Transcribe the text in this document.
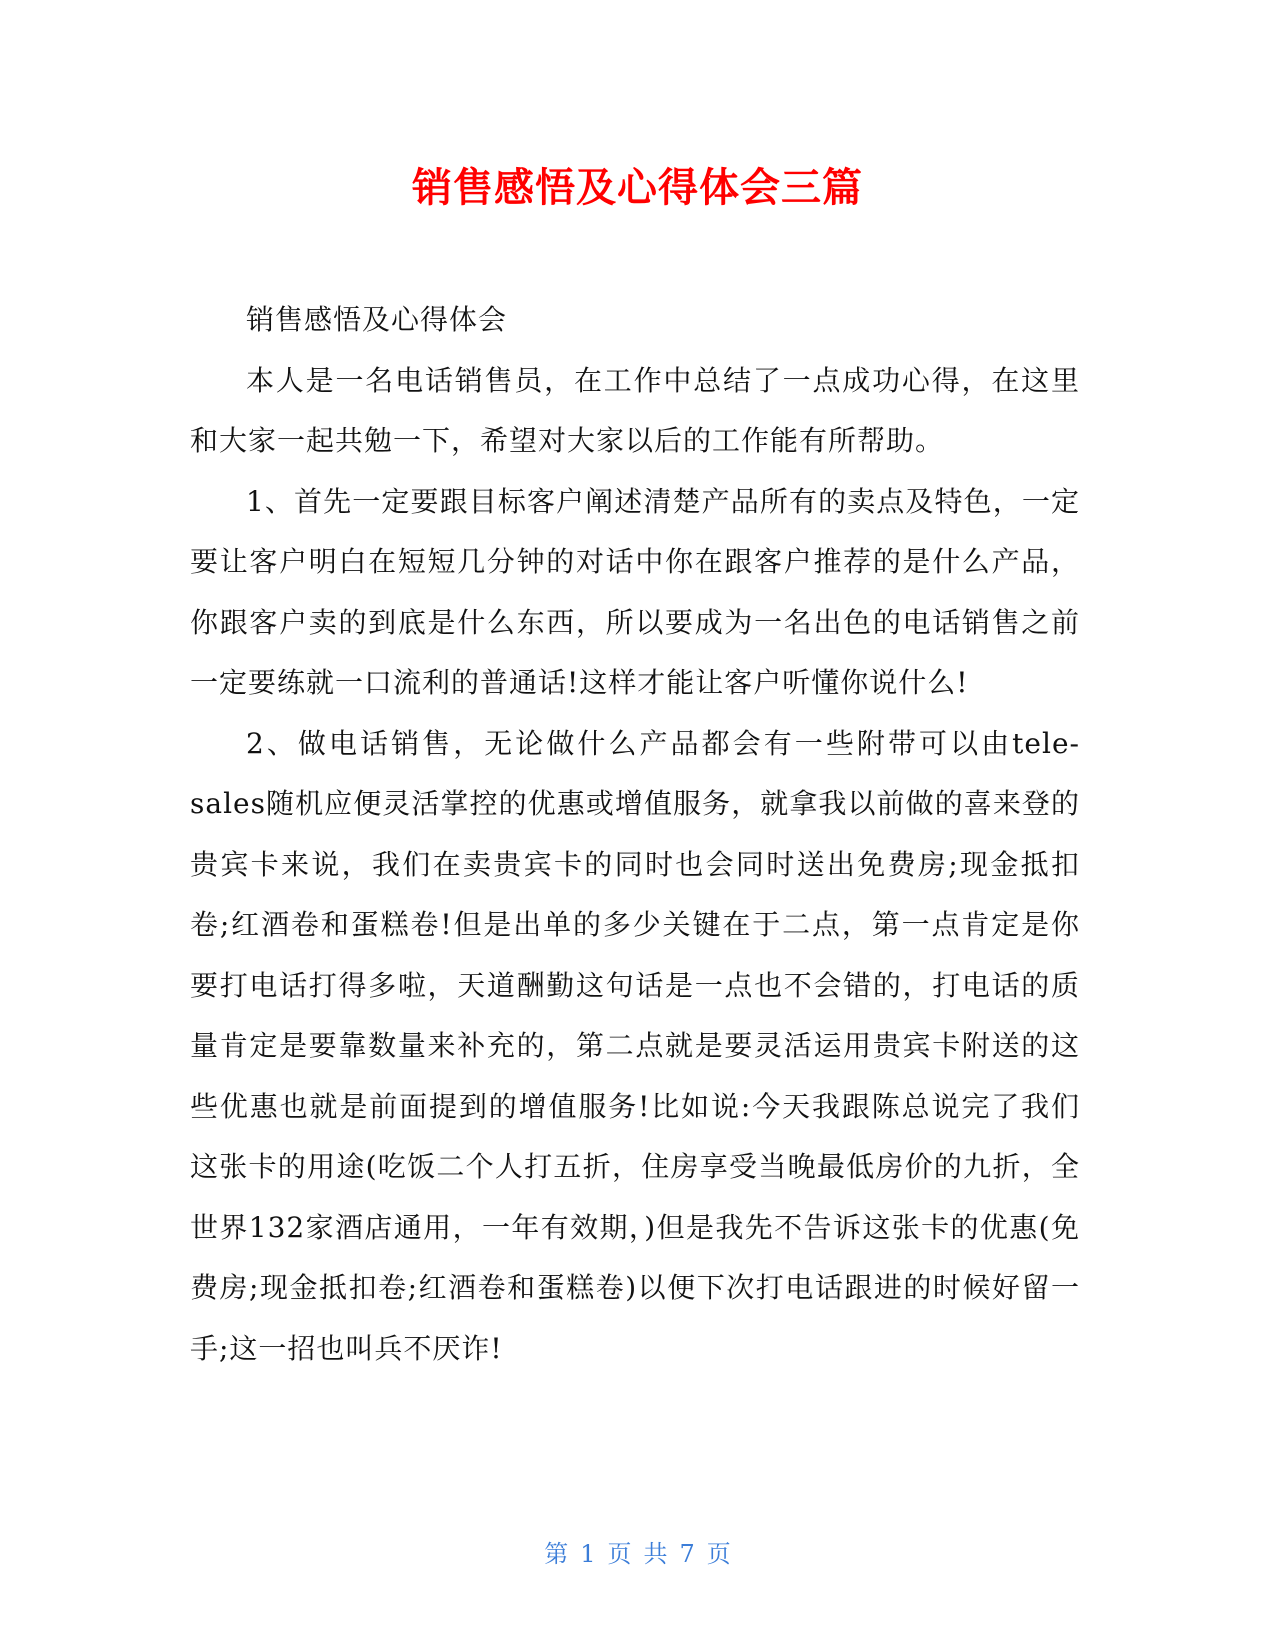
销售感悟及心得体会三篇

销售感悟及心得体会

本人是一名电话销售员，在工作中总结了一点成功心得，在这里和大家一起共勉一下，希望对大家以后的工作能有所帮助。

1、首先一定要跟目标客户阐述清楚产品所有的卖点及特色，一定要让客户明白在短短几分钟的对话中你在跟客户推荐的是什么产品，你跟客户卖的到底是什么东西，所以要成为一名出色的电话销售之前一定要练就一口流利的普通话!这样才能让客户听懂你说什么!

2、做电话销售，无论做什么产品都会有一些附带可以由tele-sales随机应便灵活掌控的优惠或增值服务，就拿我以前做的喜来登的贵宾卡来说，我们在卖贵宾卡的同时也会同时送出免费房;现金抵扣卷;红酒卷和蛋糕卷!但是出单的多少关键在于二点，第一点肯定是你要打电话打得多啦，天道酬勤这句话是一点也不会错的，打电话的质量肯定是要靠数量来补充的，第二点就是要灵活运用贵宾卡附送的这些优惠也就是前面提到的增值服务!比如说:今天我跟陈总说完了我们这张卡的用途(吃饭二个人打五折，住房享受当晚最低房价的九折，全世界132家酒店通用，一年有效期，)但是我先不告诉这张卡的优惠(免费房;现金抵扣卷;红酒卷和蛋糕卷)以便下次打电话跟进的时候好留一手;这一招也叫兵不厌诈!

第 1 页 共 7 页
